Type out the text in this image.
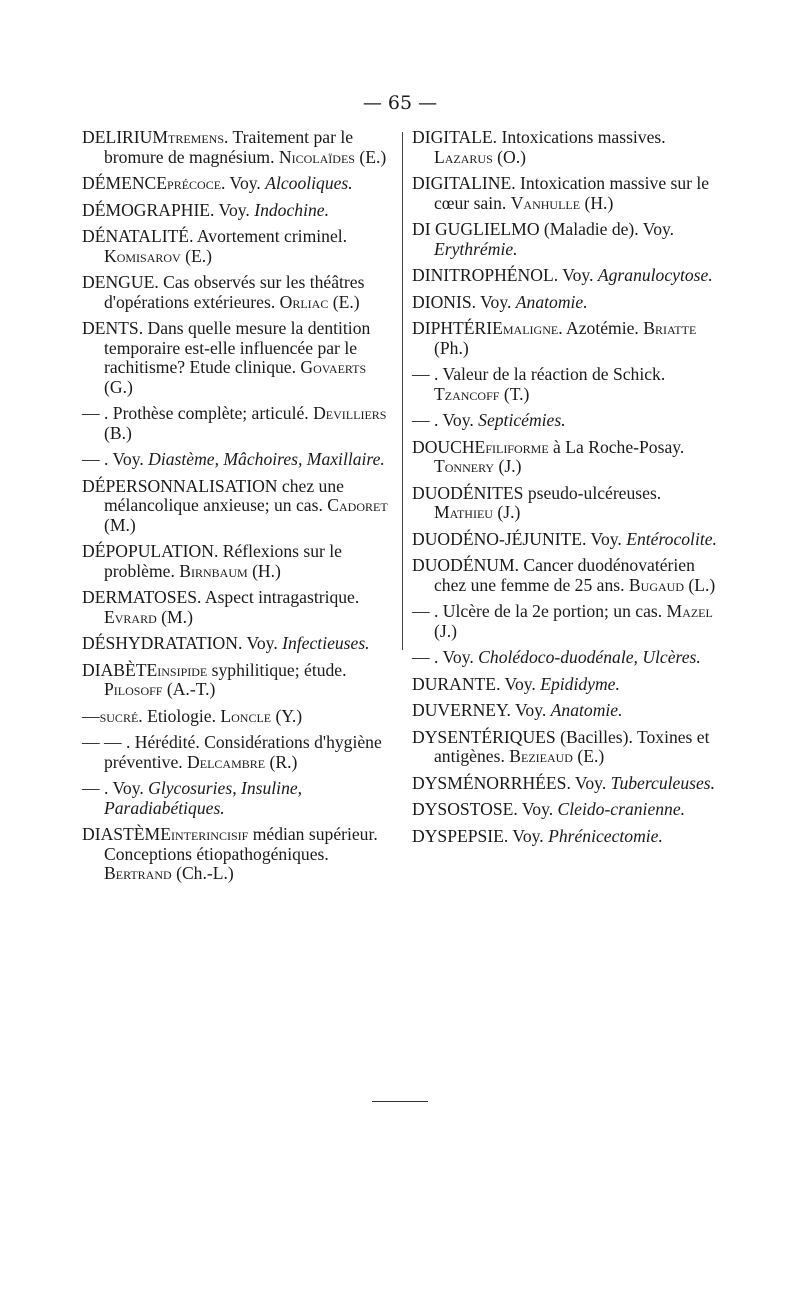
— 65 —
DELIRIUMtremens. Traitement par le bromure de magnésium. Nicolaïdes (E.)
DÉMENCEprécoce. Voy. Alcooliques.
DÉMOGRAPHIE. Voy. Indochine.
DÉNATALITÉ. Avortement criminel. Komisarov (E.)
DENGUE. Cas observés sur les théâtres d'opérations extérieures. Orliac (E.)
DENTS. Dans quelle mesure la dentition temporaire est-elle influencée par le rachitisme? Etude clinique. Govaerts (G.)
— . Prothèse complète; articulé. Devilliers (B.)
— . Voy. Diastème, Mâchoires, Maxillaire.
DÉPERSONNALISATION chez une mélancolique anxieuse; un cas. Cadoret (M.)
DÉPOPULATION. Réflexions sur le problème. Birnbaum (H.)
DERMATOSES. Aspect intragastrique. Evrard (M.)
DÉSHYDRATATION. Voy. Infectieuses.
DIABÈTEinsipide syphilitique; étude. Pilosoff (A.-T.)
—sucré. Etiologie. Loncle (Y.)
— — . Hérédité. Considérations d'hygiène préventive. Delcambre (R.)
— . Voy. Glycosuries, Insuline, Paradiabétiques.
DIASTÈMEinterincisif médian supérieur. Conceptions étiopathogéniques. Bertrand (Ch.-L.)
DIGITALE. Intoxications massives. Lazarus (O.)
DIGITALINE. Intoxication massive sur le cœur sain. Vanhulle (H.)
DI GUGLIELMO (Maladie de). Voy. Erythrémie.
DINITROPHÉNOL. Voy. Agranulocytose.
DIONIS. Voy. Anatomie.
DIPHTÉRIEmaligne. Azotémie. Briatte (Ph.)
— . Valeur de la réaction de Schick. Tzancoff (T.)
— . Voy. Septicémies.
DOUCHEfiliforme à La Roche-Posay. Tonnery (J.)
DUODÉNITES pseudo-ulcéreuses. Mathieu (J.)
DUODÉNO-JÉJUNITE. Voy. Entérocolite.
DUODÉNUM. Cancer duodénovatérien chez une femme de 25 ans. Bugaud (L.)
— . Ulcère de la 2e portion; un cas. Mazel (J.)
— . Voy. Cholédoco-duodénale, Ulcères.
DURANTE. Voy. Epididyme.
DUVERNEY. Voy. Anatomie.
DYSENTÉRIQUES (Bacilles). Toxines et antigènes. Bezieaud (E.)
DYSMÉNORRHÉES. Voy. Tuberculeuses.
DYSOSTOSE. Voy. Cleido-cranienne.
DYSPEPSIE. Voy. Phrénicectomie.
